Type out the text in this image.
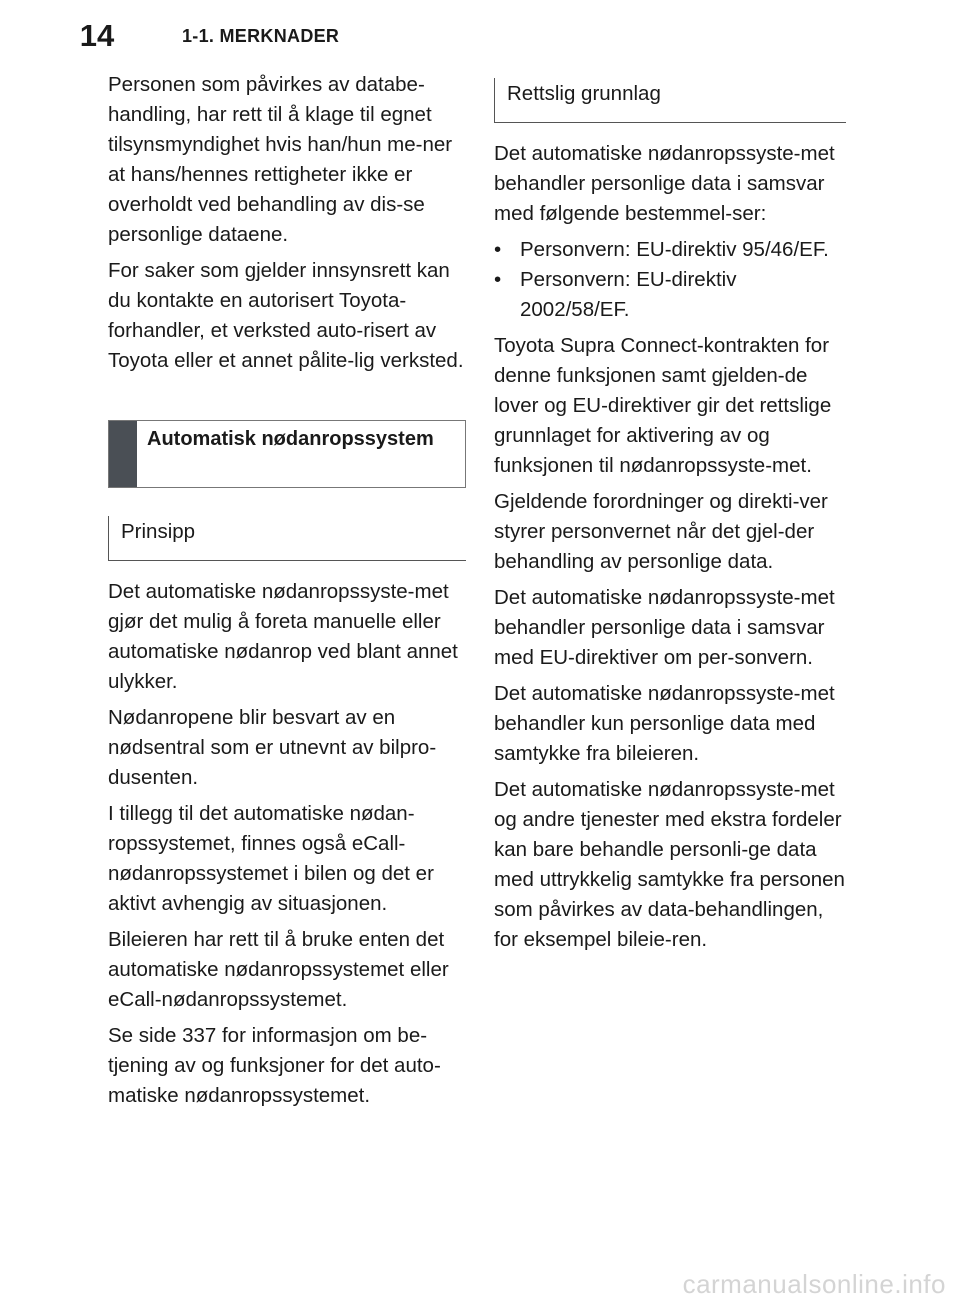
14	1-1. MERKNADER

Personen som påvirkes av databe-handling, har rett til å klage til egnet tilsynsmyndighet hvis han/hun me-ner at hans/hennes rettigheter ikke er overholdt ved behandling av dis-se personlige dataene.

For saker som gjelder innsynsrett kan du kontakte en autorisert Toyota-forhandler, et verksted auto-risert av Toyota eller et annet pålite-lig verksted.

Automatisk nødanropssystem
Prinsipp

Det automatiske nødanropssyste-met gjør det mulig å foreta manuelle eller automatiske nødanrop ved blant annet ulykker.

Nødanropene blir besvart av en nødsentral som er utnevnt av bilpro-dusenten.

I tillegg til det automatiske nødan-ropssystemet, finnes også eCall-nødanropssystemet i bilen og det er aktivt avhengig av situasjonen.

Bileieren har rett til å bruke enten det automatiske nødanropssystemet eller eCall-nødanropssystemet.

Se side 337 for informasjon om be-tjening av og funksjoner for det auto-matiske nødanropssystemet.

Rettslig grunnlag

Det automatiske nødanropssyste-met behandler personlige data i samsvar med følgende bestemmel-ser:

• Personvern: EU-direktiv 95/46/EF.
• Personvern: EU-direktiv 2002/58/EF.

Toyota Supra Connect-kontrakten for denne funksjonen samt gjelden-de lover og EU-direktiver gir det rettslige grunnlaget for aktivering av og funksjonen til nødanropssyste-met.

Gjeldende forordninger og direkti-ver styrer personvernet når det gjel-der behandling av personlige data.

Det automatiske nødanropssyste-met behandler personlige data i samsvar med EU-direktiver om per-sonvern.

Det automatiske nødanropssyste-met behandler kun personlige data med samtykke fra bileieren.

Det automatiske nødanropssyste-met og andre tjenester med ekstra fordeler kan bare behandle personli-ge data med uttrykkelig samtykke fra personen som påvirkes av data-behandlingen, for eksempel bileie-ren.

carmanualsonline.info
